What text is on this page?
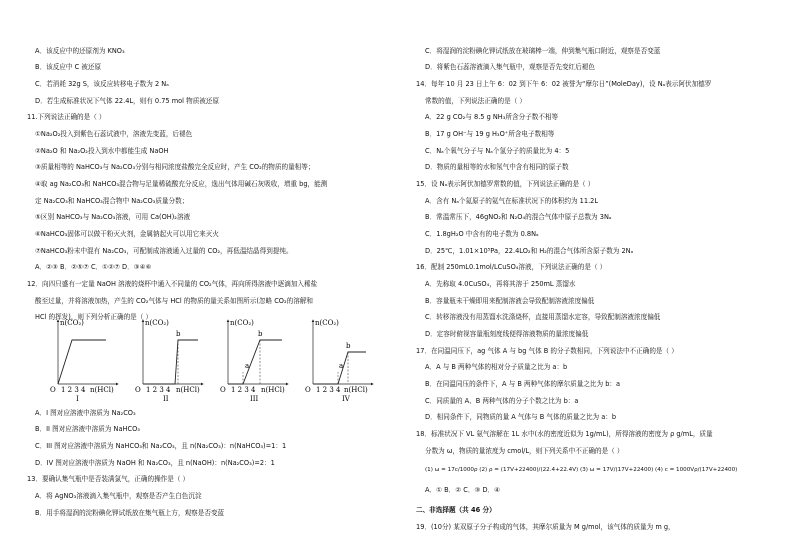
A．该反应中的还原剂为 KNO₃
B．该反应中 C 被还原
C．若消耗 32g S，该反应转移电子数为 2 Nₐ
D．若生成标准状况下气体 22.4L，则有 0.75 mol 物质被还原
11.下列说法正确的是（ ）
①Na₂O₂投入到紫色石蕊试液中，溶液先变蓝，后褪色
②Na₂O 和 Na₂O₂投入到水中都能生成 NaOH
③质量相等的 NaHCO₃与 Na₂CO₃分别与相同浓度盐酸完全反应时，产生 CO₂的物质的量相等；
④取 ag Na₂CO₃和 NaHCO₃混合物与足量稀硫酸充分反应，逸出气体用碱石灰吸收，增重 bg，能测
定 Na₂CO₃和 NaHCO₃混合物中 Na₂CO₃质量分数；
⑤区别 NaHCO₃与 Na₂CO₃溶液，可用 Ca(OH)₂溶液
⑥NaHCO₃固体可以做干粉灭火剂，金属钠起火可以用它来灭火
⑦NaHCO₃粉末中混有 Na₂CO₃，可配制成溶液通入过量的 CO₂，再低温结晶得到提纯。
A．②③ B．②⑤⑦ C．①②⑦ D．③④⑥
12．向四只盛有一定量 NaOH 溶液的烧杯中通入不同量的 CO₂气体，再向所得溶液中逐滴加入稀盐
酸至过量，并将溶液加热，产生的 CO₂气体与 HCl 的物质的量关系如图所示(忽略 CO₂的溶解和
HCl 的挥发)，则下列分析正确的是（ ）
n(CO₂)
O 1 2 3 4 n(HCl)
I
n(CO₂)
b
O 1 2 3 4 n(HCl)
II
n(CO₂)
a
b
O 1 2 3 4 n(HCl)
III
n(CO₂)
a
b
O 1 2 3 4 n(HCl)
IV
A．I 图对应溶液中溶质为 Na₂CO₃
B．II 图对应溶液中溶质为 NaHCO₃
C．III 图对应溶液中溶质为 NaHCO₃和 Na₂CO₃，且 n(Na₂CO₃)：n(NaHCO₃)=1：1
D．IV 图对应溶液中溶质为 NaOH 和 Na₂CO₃，且 n(NaOH)：n(Na₂CO₃)=2：1
13．要确认集气瓶中是否装满氯气，正确的操作是（ ）
A．将 AgNO₃溶液滴入集气瓶中，观察是否产生白色沉淀
B．用手将湿润的淀粉碘化钾试纸放在集气瓶上方，观察是否变蓝
C．将湿润的淀粉碘化钾试纸放在玻璃棒一端，伸到集气瓶口附近，观察是否变蓝
D．将紫色石蕊溶液滴入集气瓶中，观察是否先变红后褪色
14．每年 10 月 23 日上午 6：02 到下午 6：02 被誉为“摩尔日”(MoleDay)，设 Nₐ表示阿伏加德罗
常数的值，下列说法正确的是（ ）
A．22 g CO₂与 8.5 g NH₃所含分子数不相等
B．17 g OH⁻与 19 g H₃O⁺所含电子数相等
C．Nₐ个氧气分子与 Nₐ个氢分子的质量比为 4：5
D．物质的量相等的水和氖气中含有相同的原子数
15．设 Nₐ表示阿伏加德罗常数的值，下列说法正确的是（ ）
A．含有 Nₐ个氦原子的氦气在标准状况下的体积约为 11.2L
B．常温常压下，46gNO₂和 N₂O₄的混合气体中原子总数为 3Nₐ
C．1.8gH₂O 中含有的电子数为 0.8Nₐ
D．25℃，1.01×10⁵Pa，22.4LO₂和 H₂的混合气体所含原子数为 2Nₐ
16．配制 250mL0.1mol/LCuSO₄溶液，下列说法正确的是（ ）
A．先称取 4.0CuSO₄，再将其溶于 250mL 蒸馏水
B．容量瓶未干燥即用来配制溶液会导致配制溶液浓度偏低
C．转移溶液没有用蒸馏水洗涤烧杯，直接用蒸馏水定容，导致配制溶液浓度偏低
D．定容时俯视容量瓶刻度线便得溶液物质的量浓度偏低
17．在同温同压下，ag 气体 A 与 bg 气体 B 的分子数相同，下列说法中不正确的是（ ）
A．A 与 B 两种气体的相对分子质量之比为 a：b
B．在同温同压的条件下，A 与 B 两种气体的摩尔质量之比为 b：a
C．同质量的 A、B 两种气体的分子个数之比为 b：a
D．相同条件下，同物质的量 A 气体与 B 气体的质量之比为 a：b
18．标准状况下 VL 氨气溶解在 1L 水中(水的密度近似为 1g/mL)，所得溶液的密度为 ρ g/mL，质量
分数为 ω，物质的量浓度为 cmol/L，则下列关系中不正确的是（ ）
(1) ω = 17c/1000ρ (2) ρ = (17V+22400)/(22.4+22.4V) (3) ω = 17V/(17V+22400) (4) c = 1000Vρ/(17V+22400)
A．① B．② C．③ D．④
二、非选择题（共 46 分）
19．(10分) 某双原子分子构成的气体，其摩尔质量为 M g/mol，该气体的质量为 m g，
